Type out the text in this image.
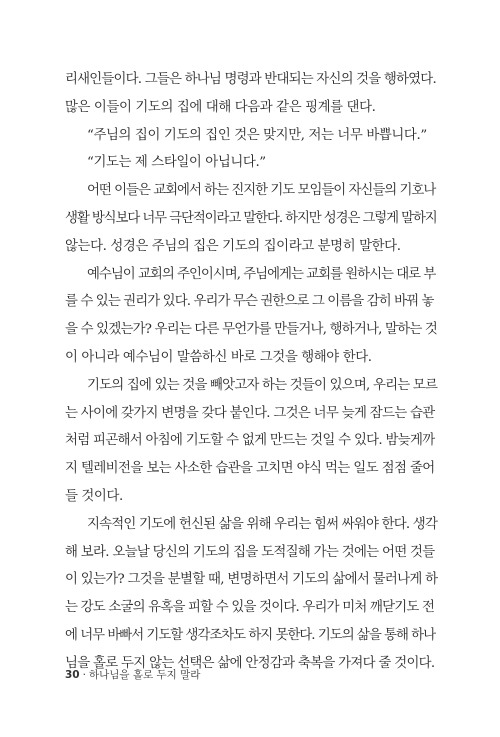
리새인들이다. 그들은 하나님 명령과 반대되는 자신의 것을 행하였다.
많은 이들이 기도의 집에 대해 다음과 같은 핑계를 댄다.
“주님의 집이 기도의 집인 것은 맞지만, 저는 너무 바쁩니다.”
“기도는 제 스타일이 아닙니다.”
어떤 이들은 교회에서 하는 진지한 기도 모임들이 자신들의 기호나
생활 방식보다 너무 극단적이라고 말한다. 하지만 성경은 그렇게 말하지
않는다. 성경은 주님의 집은 기도의 집이라고 분명히 말한다.
예수님이 교회의 주인이시며, 주님에게는 교회를 원하시는 대로 부
를 수 있는 권리가 있다. 우리가 무슨 권한으로 그 이름을 감히 바꿔 놓
을 수 있겠는가? 우리는 다른 무언가를 만들거나, 행하거나, 말하는 것
이 아니라 예수님이 말씀하신 바로 그것을 행해야 한다.
기도의 집에 있는 것을 빼앗고자 하는 것들이 있으며, 우리는 모르
는 사이에 갖가지 변명을 갖다 붙인다. 그것은 너무 늦게 잠드는 습관
처럼 피곤해서 아침에 기도할 수 없게 만드는 것일 수 있다. 밤늦게까
지 텔레비전을 보는 사소한 습관을 고치면 야식 먹는 일도 점점 줄어
들 것이다.
지속적인 기도에 헌신된 삶을 위해 우리는 힘써 싸워야 한다. 생각
해 보라. 오늘날 당신의 기도의 집을 도적질해 가는 것에는 어떤 것들
이 있는가? 그것을 분별할 때, 변명하면서 기도의 삶에서 물러나게 하
는 강도 소굴의 유혹을 피할 수 있을 것이다. 우리가 미처 깨닫기도 전
에 너무 바빠서 기도할 생각조차도 하지 못한다. 기도의 삶을 통해 하나
님을 홀로 두지 않는 선택은 삶에 안정감과 축복을 가져다 줄 것이다.
30 · 하나님을 홀로 두지 말라
